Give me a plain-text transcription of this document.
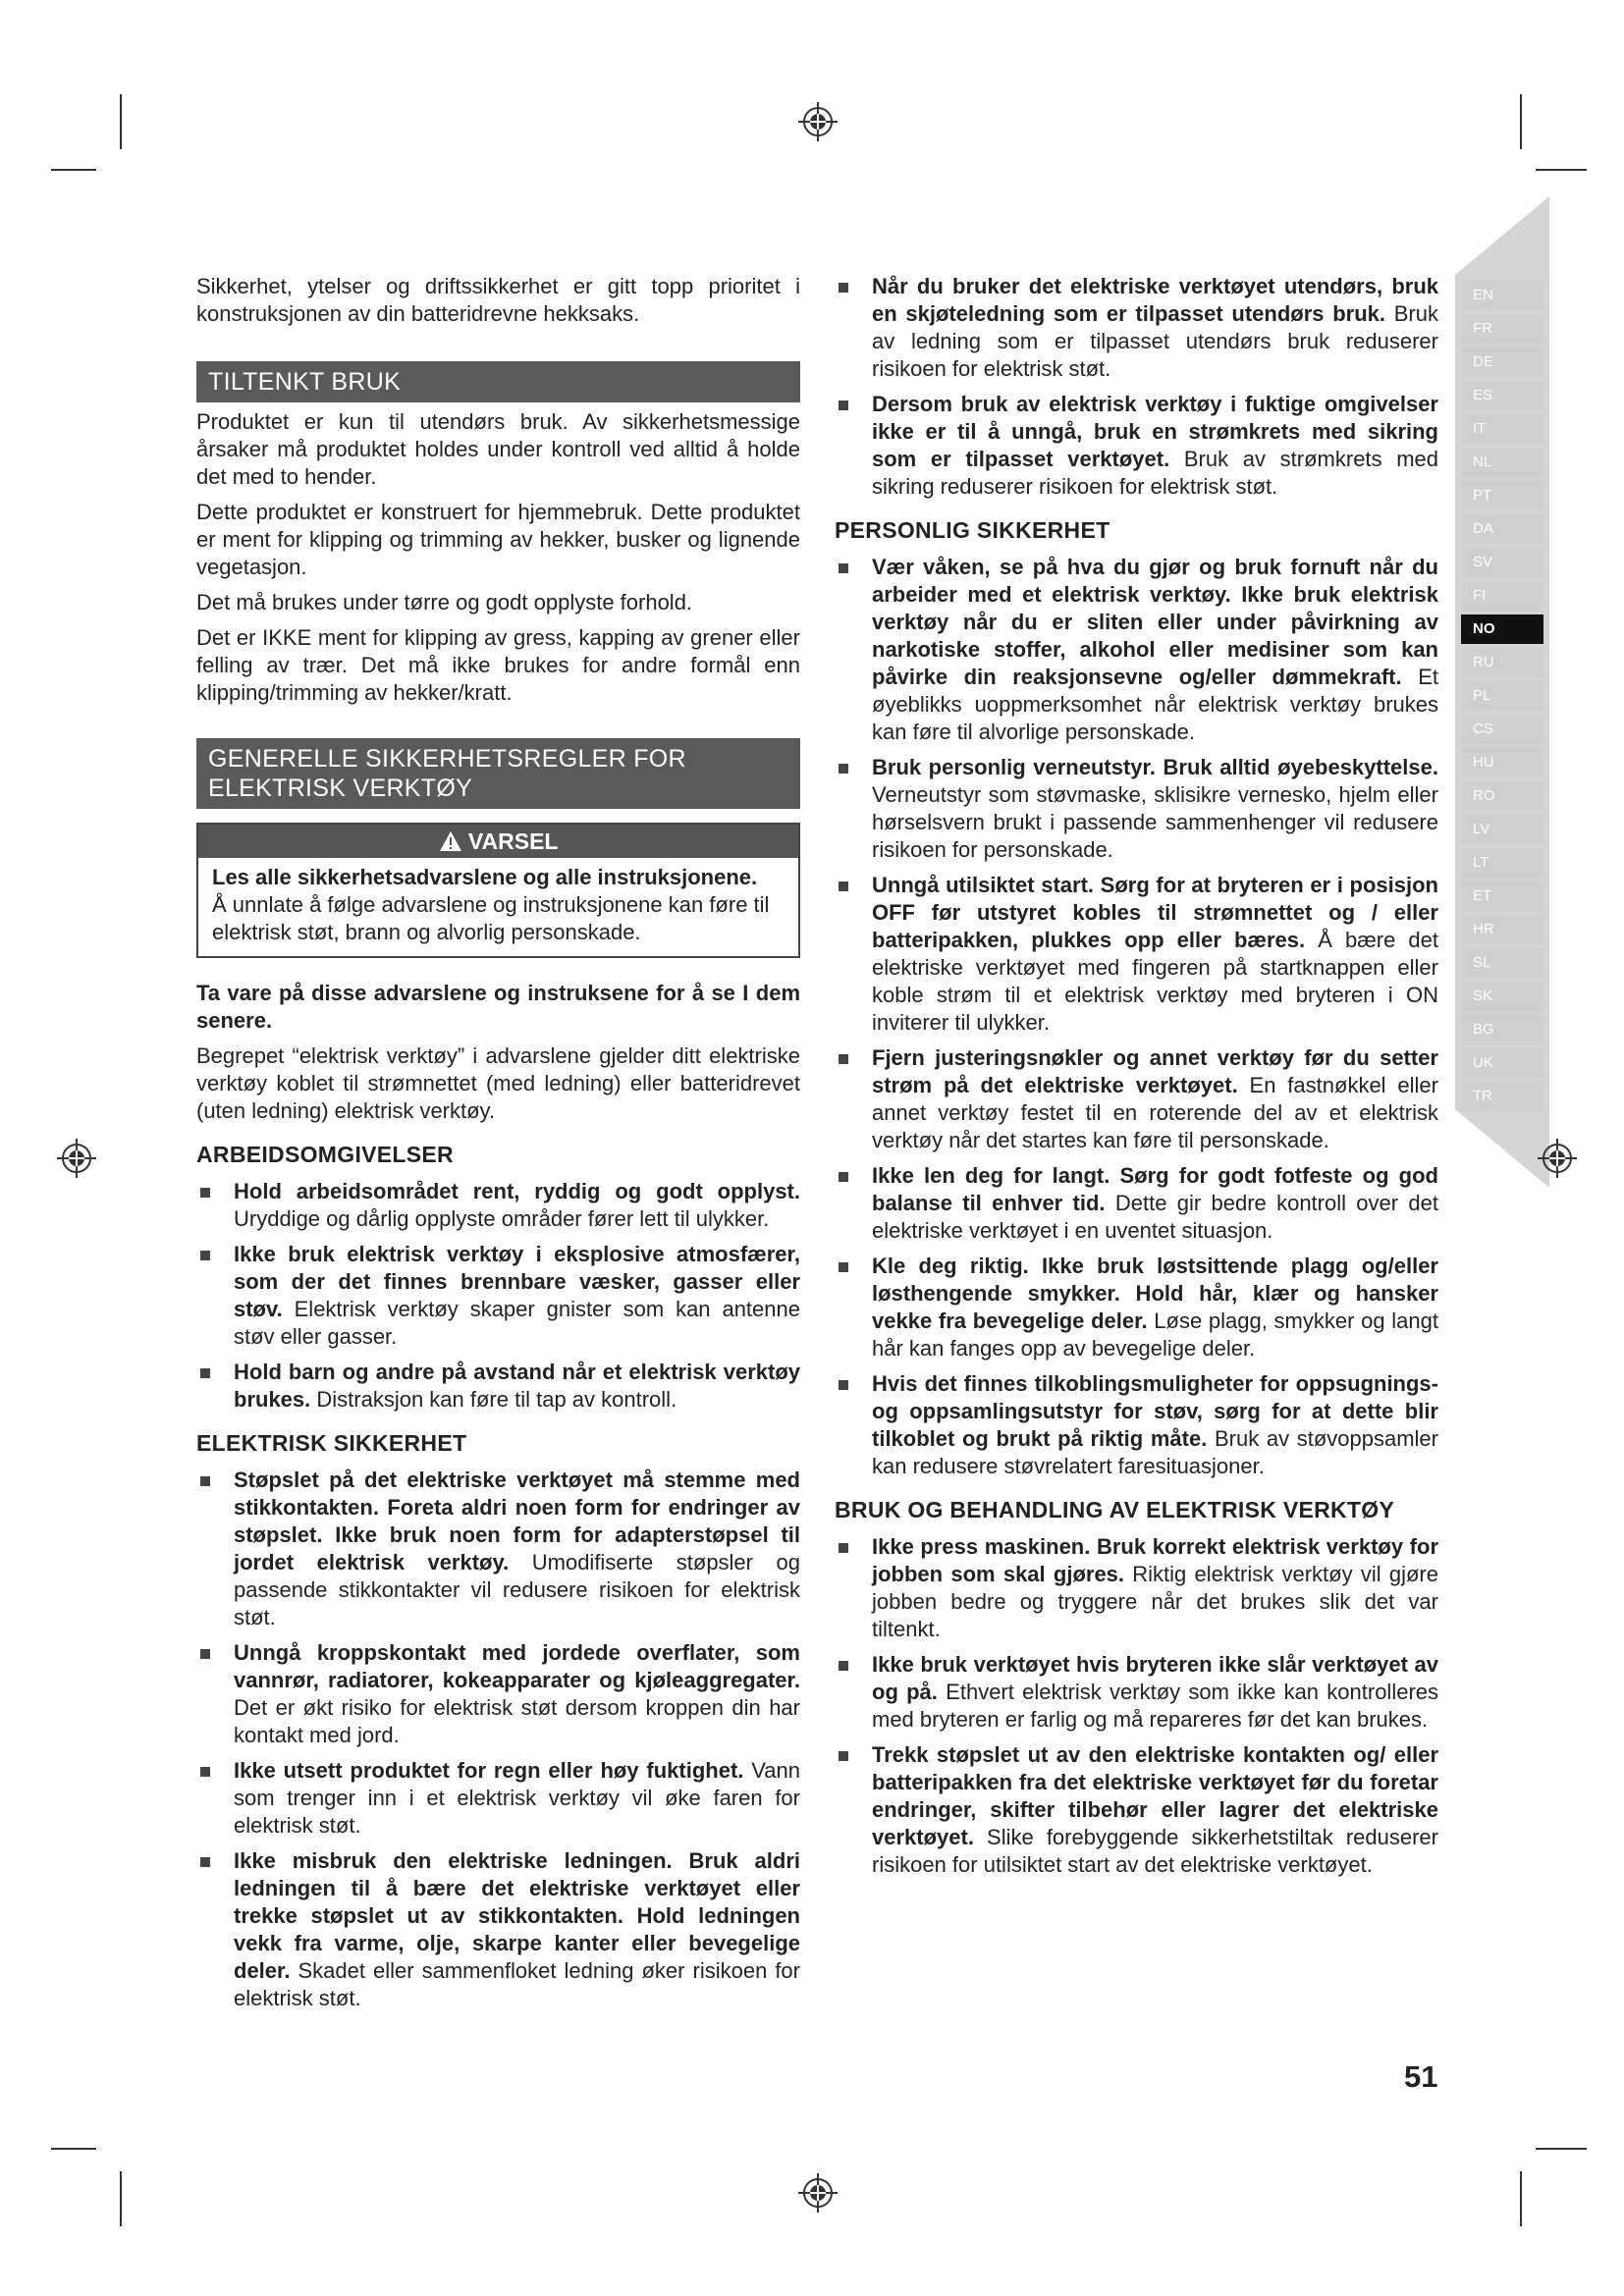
EN
FR
DE
ES
IT
NL
PT
DA
SV
FI
NO
RU
PL
CS
HU
RO
LV
LT
ET
HR
SL
SK
BG
UK
TR

Sikkerhet, ytelser og driftssikkerhet er gitt topp prioritet i konstruksjonen av din batteridrevne hekksaks.

TILTENKT BRUK

Produktet er kun til utendørs bruk. Av sikkerhetsmessige årsaker må produktet holdes under kontroll ved alltid å holde det med to hender.

Dette produktet er konstruert for hjemmebruk. Dette produktet er ment for klipping og trimming av hekker, busker og lignende vegetasjon.

Det må brukes under tørre og godt opplyste forhold.

Det er IKKE ment for klipping av gress, kapping av grener eller felling av trær. Det må ikke brukes for andre formål enn klipping/trimming av hekker/kratt.

GENERELLE SIKKERHETSREGLER FOR ELEKTRISK VERKTØY
VARSEL
Les alle sikkerhetsadvarslene og alle instruksjonene.
Å unnlate å følge advarslene og instruksjonene kan føre til elektrisk støt, brann og alvorlig personskade.

Ta vare på disse advarslene og instruksene for å se I dem senere.

Begrepet “elektrisk verktøy” i advarslene gjelder ditt elektriske verktøy koblet til strømnettet (med ledning) eller batteridrevet (uten ledning) elektrisk verktøy.

ARBEIDSOMGIVELSER
Hold arbeidsområdet rent, ryddig og godt opplyst. Uryddige og dårlig opplyste områder fører lett til ulykker.
Ikke bruk elektrisk verktøy i eksplosive atmosfærer, som der det finnes brennbare væsker, gasser eller støv. Elektrisk verktøy skaper gnister som kan antenne støv eller gasser.
Hold barn og andre på avstand når et elektrisk verktøy brukes. Distraksjon kan føre til tap av kontroll.
ELEKTRISK SIKKERHET
Støpslet på det elektriske verktøyet må stemme med stikkontakten. Foreta aldri noen form for endringer av støpslet. Ikke bruk noen form for adapterstøpsel til jordet elektrisk verktøy. Umodifiserte støpsler og passende stikkontakter vil redusere risikoen for elektrisk støt.
Unngå kroppskontakt med jordede overflater, som vannrør, radiatorer, kokeapparater og kjøleaggregater. Det er økt risiko for elektrisk støt dersom kroppen din har kontakt med jord.
Ikke utsett produktet for regn eller høy fuktighet. Vann som trenger inn i et elektrisk verktøy vil øke faren for elektrisk støt.
Ikke misbruk den elektriske ledningen. Bruk aldri ledningen til å bære det elektriske verktøyet eller trekke støpslet ut av stikkontakten. Hold ledningen vekk fra varme, olje, skarpe kanter eller bevegelige deler. Skadet eller sammenfloket ledning øker risikoen for elektrisk støt.
Når du bruker det elektriske verktøyet utendørs, bruk en skjøteledning som er tilpasset utendørs bruk. Bruk av ledning som er tilpasset utendørs bruk reduserer risikoen for elektrisk støt.
Dersom bruk av elektrisk verktøy i fuktige omgivelser ikke er til å unngå, bruk en strømkrets med sikring som er tilpasset verktøyet. Bruk av strømkrets med sikring reduserer risikoen for elektrisk støt.
PERSONLIG SIKKERHET
Vær våken, se på hva du gjør og bruk fornuft når du arbeider med et elektrisk verktøy. Ikke bruk elektrisk verktøy når du er sliten eller under påvirkning av narkotiske stoffer, alkohol eller medisiner som kan påvirke din reaksjonsevne og/eller dømmekraft. Et øyeblikks uoppmerksomhet når elektrisk verktøy brukes kan føre til alvorlige personskade.
Bruk personlig verneutstyr. Bruk alltid øyebeskyttelse. Verneutstyr som støvmaske, sklisikre vernesko, hjelm eller hørselsvern brukt i passende sammenhenger vil redusere risikoen for personskade.
Unngå utilsiktet start. Sørg for at bryteren er i posisjon OFF før utstyret kobles til strømnettet og / eller batteripakken, plukkes opp eller bæres. Å bære det elektriske verktøyet med fingeren på startknappen eller koble strøm til et elektrisk verktøy med bryteren i ON inviterer til ulykker.
Fjern justeringsnøkler og annet verktøy før du setter strøm på det elektriske verktøyet. En fastnøkkel eller annet verktøy festet til en roterende del av et elektrisk verktøy når det startes kan føre til personskade.
Ikke len deg for langt. Sørg for godt fotfeste og god balanse til enhver tid. Dette gir bedre kontroll over det elektriske verktøyet i en uventet situasjon.
Kle deg riktig. Ikke bruk løstsittende plagg og/eller løsthengende smykker. Hold hår, klær og hansker vekke fra bevegelige deler. Løse plagg, smykker og langt hår kan fanges opp av bevegelige deler.
Hvis det finnes tilkoblingsmuligheter for oppsugnings- og oppsamlingsutstyr for støv, sørg for at dette blir tilkoblet og brukt på riktig måte. Bruk av støvoppsamler kan redusere støvrelatert faresituasjoner.
BRUK OG BEHANDLING AV ELEKTRISK VERKTØY
Ikke press maskinen. Bruk korrekt elektrisk verktøy for jobben som skal gjøres. Riktig elektrisk verktøy vil gjøre jobben bedre og tryggere når det brukes slik det var tiltenkt.
Ikke bruk verktøyet hvis bryteren ikke slår verktøyet av og på. Ethvert elektrisk verktøy som ikke kan kontrolleres med bryteren er farlig og må repareres før det kan brukes.
Trekk støpslet ut av den elektriske kontakten og/ eller batteripakken fra det elektriske verktøyet før du foretar endringer, skifter tilbehør eller lagrer det elektriske verktøyet. Slike forebyggende sikkerhetstiltak reduserer risikoen for utilsiktet start av det elektriske verktøyet.
51
